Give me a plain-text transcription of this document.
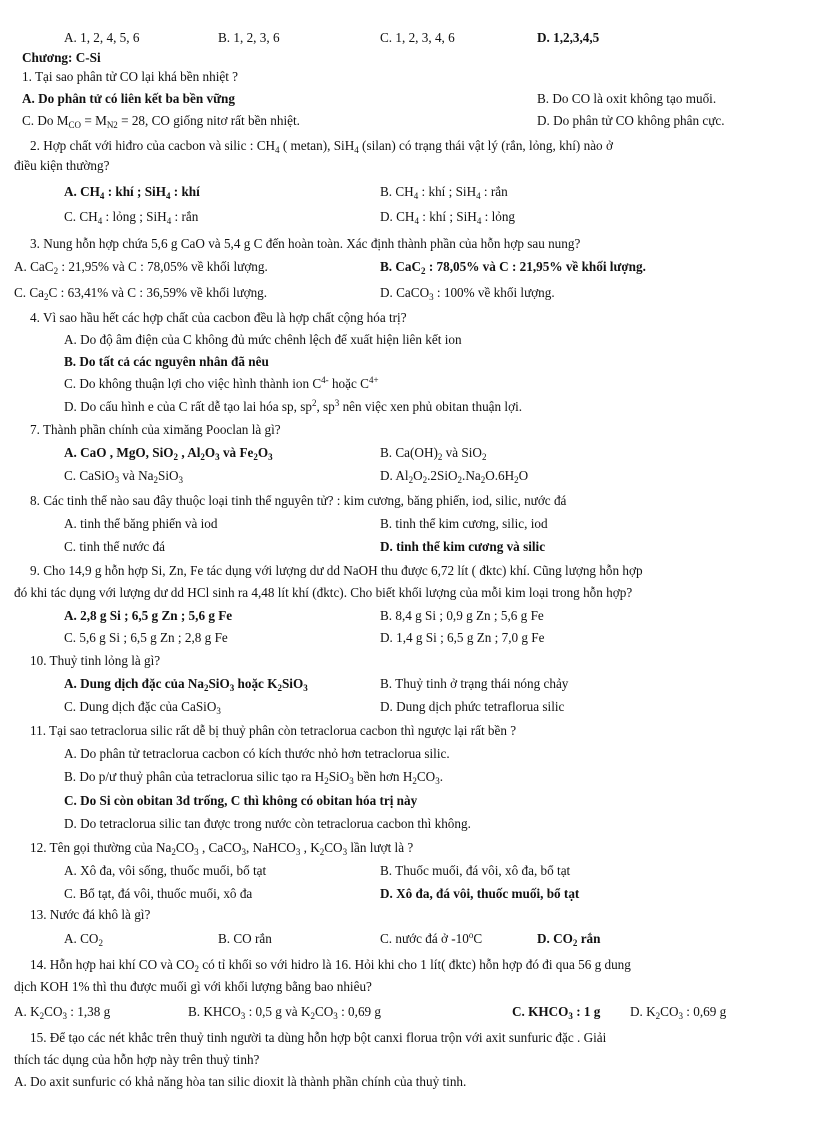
A. 1, 2, 4, 5, 6	B. 1, 2, 3, 6	C. 1, 2, 3, 4, 6	D. 1,2,3,4,5
Chương: C-Si
1. Tại sao phân tử CO lại khá bền nhiệt ?
A. Do phân tử có liên kết ba bền vững	B. Do CO là oxit không tạo muối.
C. Do $M_{CO} = M_{N2} = 28$, CO giống nitơ rất bền nhiệt.	D. Do phân tử CO không phân cực.
2. Hợp chất với hiđro của cacbon và silic : $CH_4$ ( metan), SiH$_4$ (silan) có trạng thái vật lý (rắn, lỏng, khí) nào ở
điều kiện thường?
A. $CH_4$ : khí ; SiH$_4$ : khí	B. $CH_4$ : khí ; SiH$_4$ : rắn
C. $CH_4$ : lỏng ; SiH$_4$ : rắn	D. $CH_4$ : khí ; SiH$_4$ : lỏng
3. Nung hỗn hợp chứa 5,6 g CaO và 5,4 g C đến hoàn toàn. Xác định thành phần của hỗn hợp sau nung?
A. CaC$_2$ : 21,95% và C : 78,05% về khối lượng.	B. CaC$_2$ : 78,05% và C : 21,95% về khối lượng.
C. $Ca_2C$ : 63,41% và C : 36,59% về khối lượng.	D. CaCO$_3$ : 100% về khối lượng.
4. Vì sao hầu hết các hợp chất của cacbon đều là hợp chất cộng hóa trị?
A. Do độ âm điện của C không đủ mức chênh lệch để xuất hiện liên kết ion
B. Do tất cả các nguyên nhân đã nêu
C. Do không thuận lợi cho việc hình thành ion $C^{4-}$ hoặc $C^{4+}$
D. Do cấu hình e của C rất dễ tạo lai hóa sp, $sp^2$, $sp^3$ nên việc xen phủ obitan thuận lợi.
7. Thành phần chính của ximăng Pooclan là gì?
A. CaO , MgO, SiO$_2$ , $Al_2O_3$ và $Fe_2O_3$	B. $Ca(OH)_2$ và SiO$_2$
C. CaSiO$_3$ và $Na_2SiO_3$	D. $Al_2O_2.2SiO_2.Na_2O.6H_2O$
8. Các tinh thể nào sau đây thuộc loại tinh thể nguyên tử? : kim cương, băng phiến, iod, silic, nước đá
A. tinh thể băng phiến và iod	B. tinh thể kim cương, silic, iod
C. tinh thể nước đá	D. tinh thể kim cương và silic
9. Cho 14,9 g hỗn hợp Si, Zn, Fe tác dụng với lượng dư dd NaOH thu được 6,72 lít ( đktc) khí. Cũng lượng hỗn hợp
đó khi tác dụng với lượng dư dd HCl sinh ra 4,48 lít khí (đktc). Cho biết khối lượng của mỗi kim loại trong hỗn hợp?
A. 2,8 g Si ; 6,5 g Zn ; 5,6 g Fe	B. 8,4 g Si ; 0,9 g Zn ; 5,6 g Fe
C. 5,6 g Si ; 6,5 g Zn ; 2,8 g Fe	D. 1,4 g Si ; 6,5 g Zn ; 7,0 g Fe
10. Thuỷ tinh lỏng là gì?
A. Dung dịch đặc của $Na_2SiO_3$ hoặc $K_2SiO_3$	B. Thuỷ tinh ở trạng thái nóng chảy
C. Dung dịch đặc của CaSiO$_3$	D. Dung dịch phức tetraflorua silic
11. Tại sao tetraclorua silic rất dễ bị thuỷ phân còn tetraclorua cacbon thì ngược lại rất bền ?
A. Do phân tử tetraclorua cacbon có kích thước nhỏ hơn tetraclorua silic.
B. Do p/ư thuỷ phân của tetraclorua silic tạo ra $H_2SiO_3$ bền hơn $H_2CO_3$.
C. Do Si còn obitan 3d trống, C thì không có obitan hóa trị này
D. Do tetraclorua silic tan được trong nước còn tetraclorua cacbon thì không.
12. Tên gọi thường của $Na_2CO_3$ , CaCO$_3$, NaHCO$_3$ , $K_2CO_3$ lần lượt là ?
A. Xô đa, vôi sống, thuốc muối, bổ tạt	B. Thuốc muối, đá vôi, xô đa, bổ tạt
C. Bổ tạt, đá vôi, thuốc muối, xô đa	D. Xô đa, đá vôi, thuốc muối, bổ tạt
13. Nước đá khô là gì?
A. $CO_2$	B. CO rắn	C. nước đá ở -10$^o$C	D. $CO_2$ rắn
14. Hỗn hợp hai khí CO và $CO_2$ có tỉ khối so với hidro là 16. Hỏi khi cho 1 lít( đktc) hỗn hợp đó đi qua 56 g dung
dịch KOH 1% thì thu được muối gì với khối lượng bằng bao nhiêu?
A. $K_2CO_3$ : 1,38 g	B. $KHCO_3$ : 0,5 g và $K_2CO_3$ : 0,69 g	C. $KHCO_3$ : 1 g D. $K_2CO_3$ : 0,69 g
15. Để tạo các nét khắc trên thuỷ tinh người ta dùng hỗn hợp bột canxi florua trộn với axit sunfuric đặc . Giải
thích tác dụng của hỗn hợp này trên thuỷ tinh?
A. Do axit sunfuric có khả năng hòa tan silic dioxit là thành phần chính của thuỷ tinh.
